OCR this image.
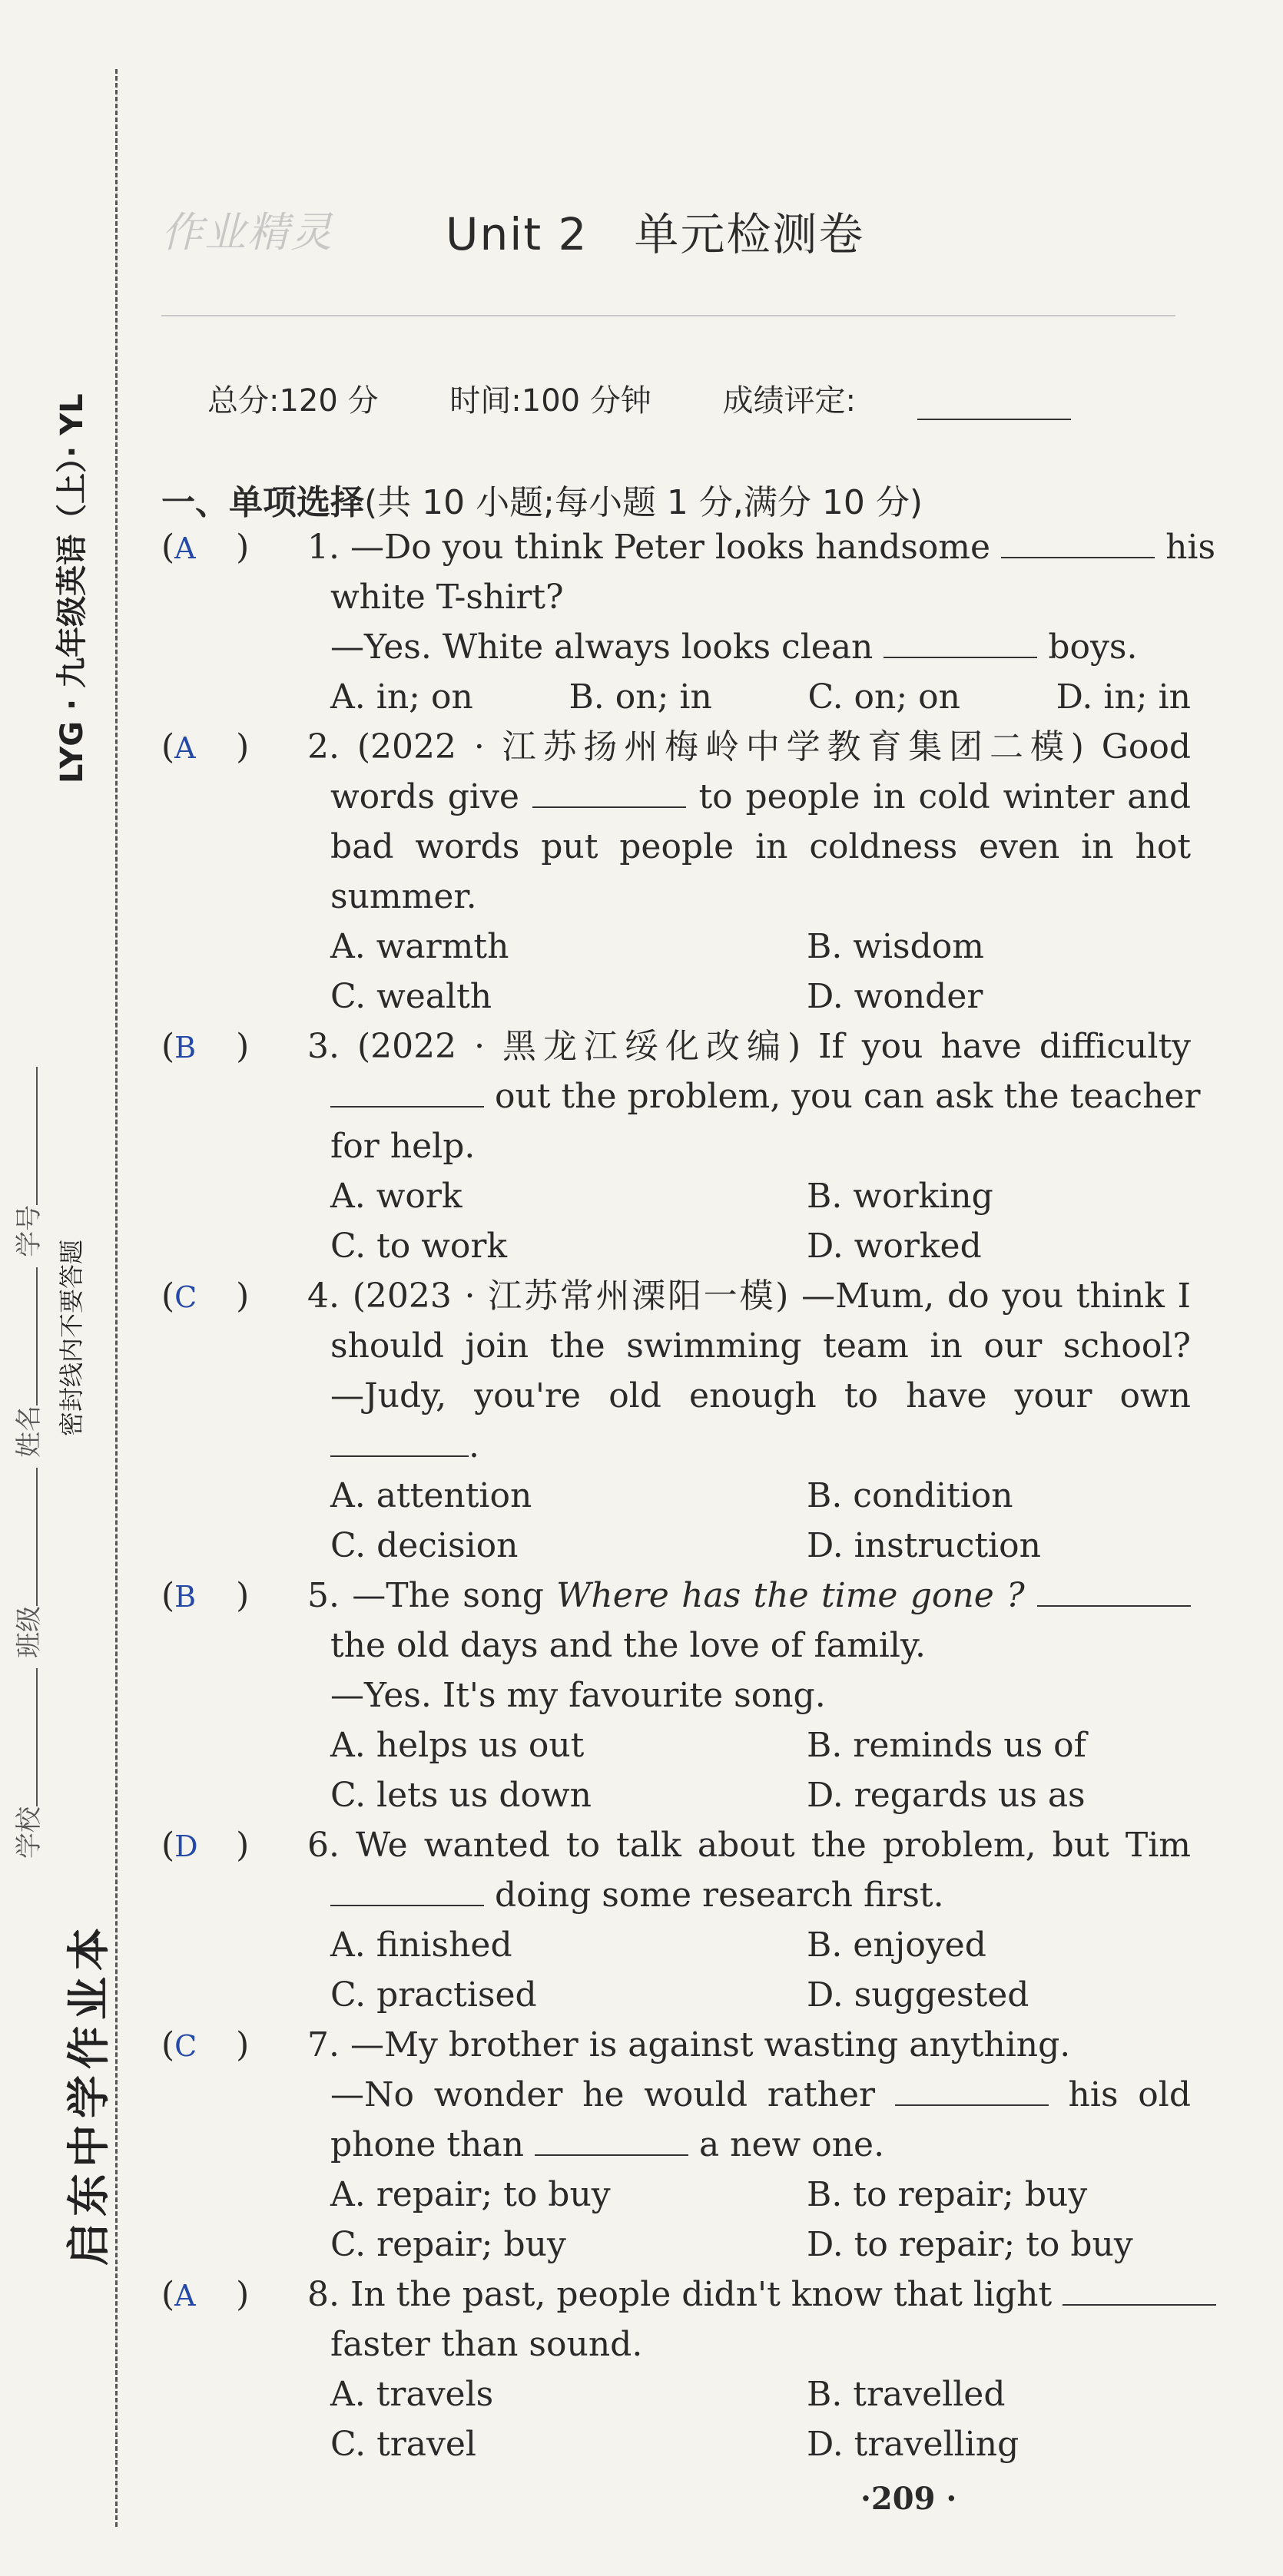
LYG · 九年级英语（上）· YL
密封线内不要答题
学校 班级 姓名 学号
启东中学作业本
作业精灵	Unit 2　单元检测卷
总分:120 分 时间:100 分钟 成绩评定:
一、单项选择(共 10 小题;每小题 1 分,满分 10 分)
(A ) 1. —Do you think Peter looks handsome	his
white T-shirt?
—Yes. White always looks clean	boys.
A. in; on	B. on; in	C. on; on	D. in; in
(A ) 2. (2022 · 江苏扬州梅岭中学教育集团二模) Good
words give	to people in cold winter and
bad words put people in coldness even in hot
summer.
A. warmth	B. wisdom
C. wealth	D. wonder
(B ) 3. (2022 · 黑龙江绥化改编) If you have difficulty
out the problem, you can ask the teacher
for help.
A. work	B. working
C. to work	D. worked
(C ) 4. (2023 · 江苏常州溧阳一模) —Mum, do you think I
should join the swimming team in our school?
—Judy, you're old enough to have your own
.
A. attention	B. condition
C. decision	D. instruction
(B ) 5. —The song Where has the time gone ?
the old days and the love of family.
—Yes. It's my favourite song.
A. helps us out	B. reminds us of
C. lets us down	D. regards us as
(D ) 6. We wanted to talk about the problem, but Tim
doing some research first.
A. finished	B. enjoyed
C. practised	D. suggested
(C ) 7. —My brother is against wasting anything.
—No wonder he would rather	his old
phone than	a new one.
A. repair; to buy	B. to repair; buy
C. repair; buy	D. to repair; to buy
(A ) 8. In the past, people didn't know that light
faster than sound.
A. travels	B. travelled
C. travel	D. travelling
·209 ·
